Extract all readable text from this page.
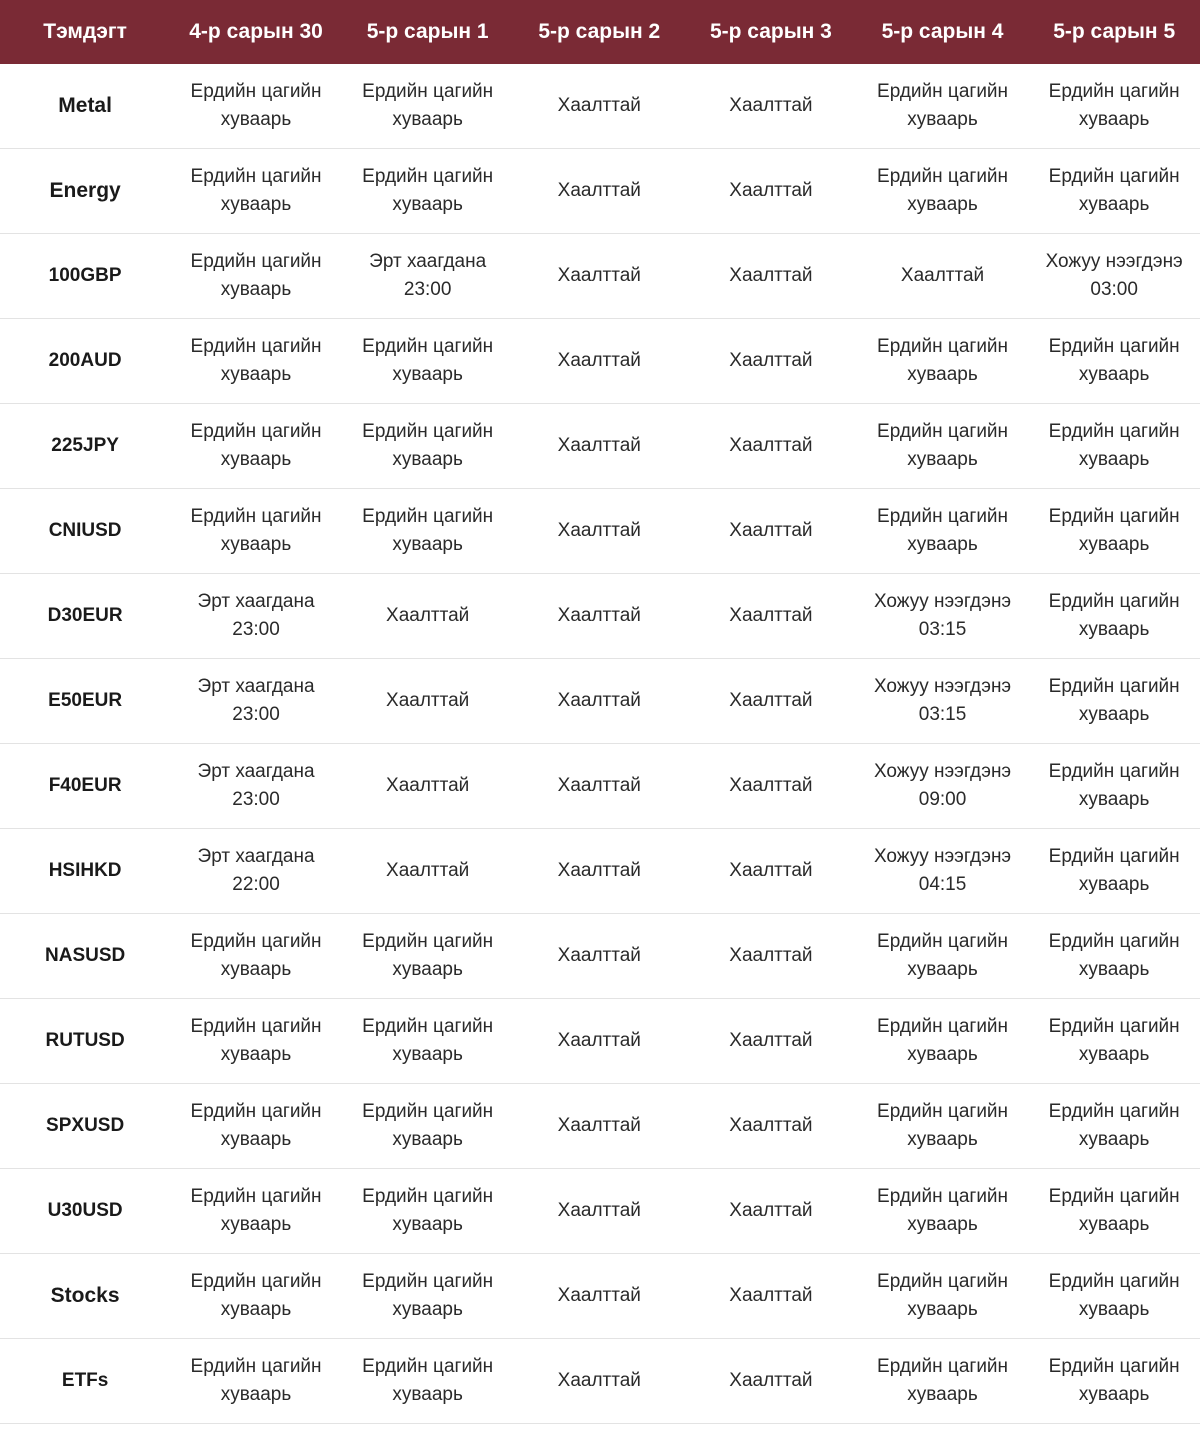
Тэмдэгт	4-р сарын 30	5-р сарын 1	5-р сарын 2	5-р сарын 3	5-р сарын 4	5-р сарын 5
Metal	Ердийн цагийн хуваарь	Ердийн цагийн хуваарь	Хаалттай	Хаалттай	Ердийн цагийн хуваарь	Ердийн цагийн хуваарь
Energy	Ердийн цагийн хуваарь	Ердийн цагийн хуваарь	Хаалттай	Хаалттай	Ердийн цагийн хуваарь	Ердийн цагийн хуваарь
100GBP	Ердийн цагийн хуваарь	Эрт хаагдана 23:00	Хаалттай	Хаалттай	Хаалттай	Хожуу нээгдэнэ 03:00
200AUD	Ердийн цагийн хуваарь	Ердийн цагийн хуваарь	Хаалттай	Хаалттай	Ердийн цагийн хуваарь	Ердийн цагийн хуваарь
225JPY	Ердийн цагийн хуваарь	Ердийн цагийн хуваарь	Хаалттай	Хаалттай	Ердийн цагийн хуваарь	Ердийн цагийн хуваарь
CNIUSD	Ердийн цагийн хуваарь	Ердийн цагийн хуваарь	Хаалттай	Хаалттай	Ердийн цагийн хуваарь	Ердийн цагийн хуваарь
D30EUR	Эрт хаагдана 23:00	Хаалттай	Хаалттай	Хаалттай	Хожуу нээгдэнэ 03:15	Ердийн цагийн хуваарь
E50EUR	Эрт хаагдана 23:00	Хаалттай	Хаалттай	Хаалттай	Хожуу нээгдэнэ 03:15	Ердийн цагийн хуваарь
F40EUR	Эрт хаагдана 23:00	Хаалттай	Хаалттай	Хаалттай	Хожуу нээгдэнэ 09:00	Ердийн цагийн хуваарь
HSIHKD	Эрт хаагдана 22:00	Хаалттай	Хаалттай	Хаалттай	Хожуу нээгдэнэ 04:15	Ердийн цагийн хуваарь
NASUSD	Ердийн цагийн хуваарь	Ердийн цагийн хуваарь	Хаалттай	Хаалттай	Ердийн цагийн хуваарь	Ердийн цагийн хуваарь
RUTUSD	Ердийн цагийн хуваарь	Ердийн цагийн хуваарь	Хаалттай	Хаалттай	Ердийн цагийн хуваарь	Ердийн цагийн хуваарь
SPXUSD	Ердийн цагийн хуваарь	Ердийн цагийн хуваарь	Хаалттай	Хаалттай	Ердийн цагийн хуваарь	Ердийн цагийн хуваарь
U30USD	Ердийн цагийн хуваарь	Ердийн цагийн хуваарь	Хаалттай	Хаалттай	Ердийн цагийн хуваарь	Ердийн цагийн хуваарь
Stocks	Ердийн цагийн хуваарь	Ердийн цагийн хуваарь	Хаалттай	Хаалттай	Ердийн цагийн хуваарь	Ердийн цагийн хуваарь
ETFs	Ердийн цагийн хуваарь	Ердийн цагийн хуваарь	Хаалттай	Хаалттай	Ердийн цагийн хуваарь	Ердийн цагийн хуваарь
